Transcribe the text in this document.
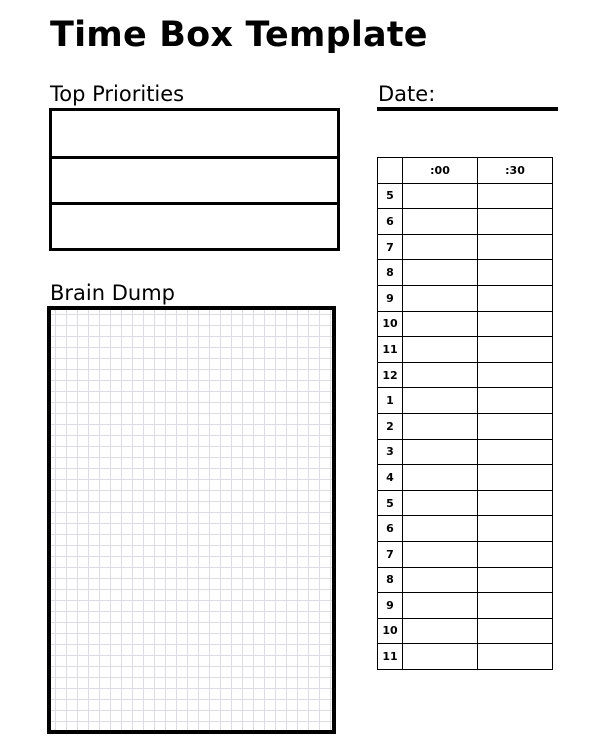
Time Box Template
Top Priorities	Date:
Brain Dump
	:00	:30
5		
6		
7		
8		
9		
10		
11		
12		
1		
2		
3		
4		
5		
6		
7		
8		
9		
10		
11		
